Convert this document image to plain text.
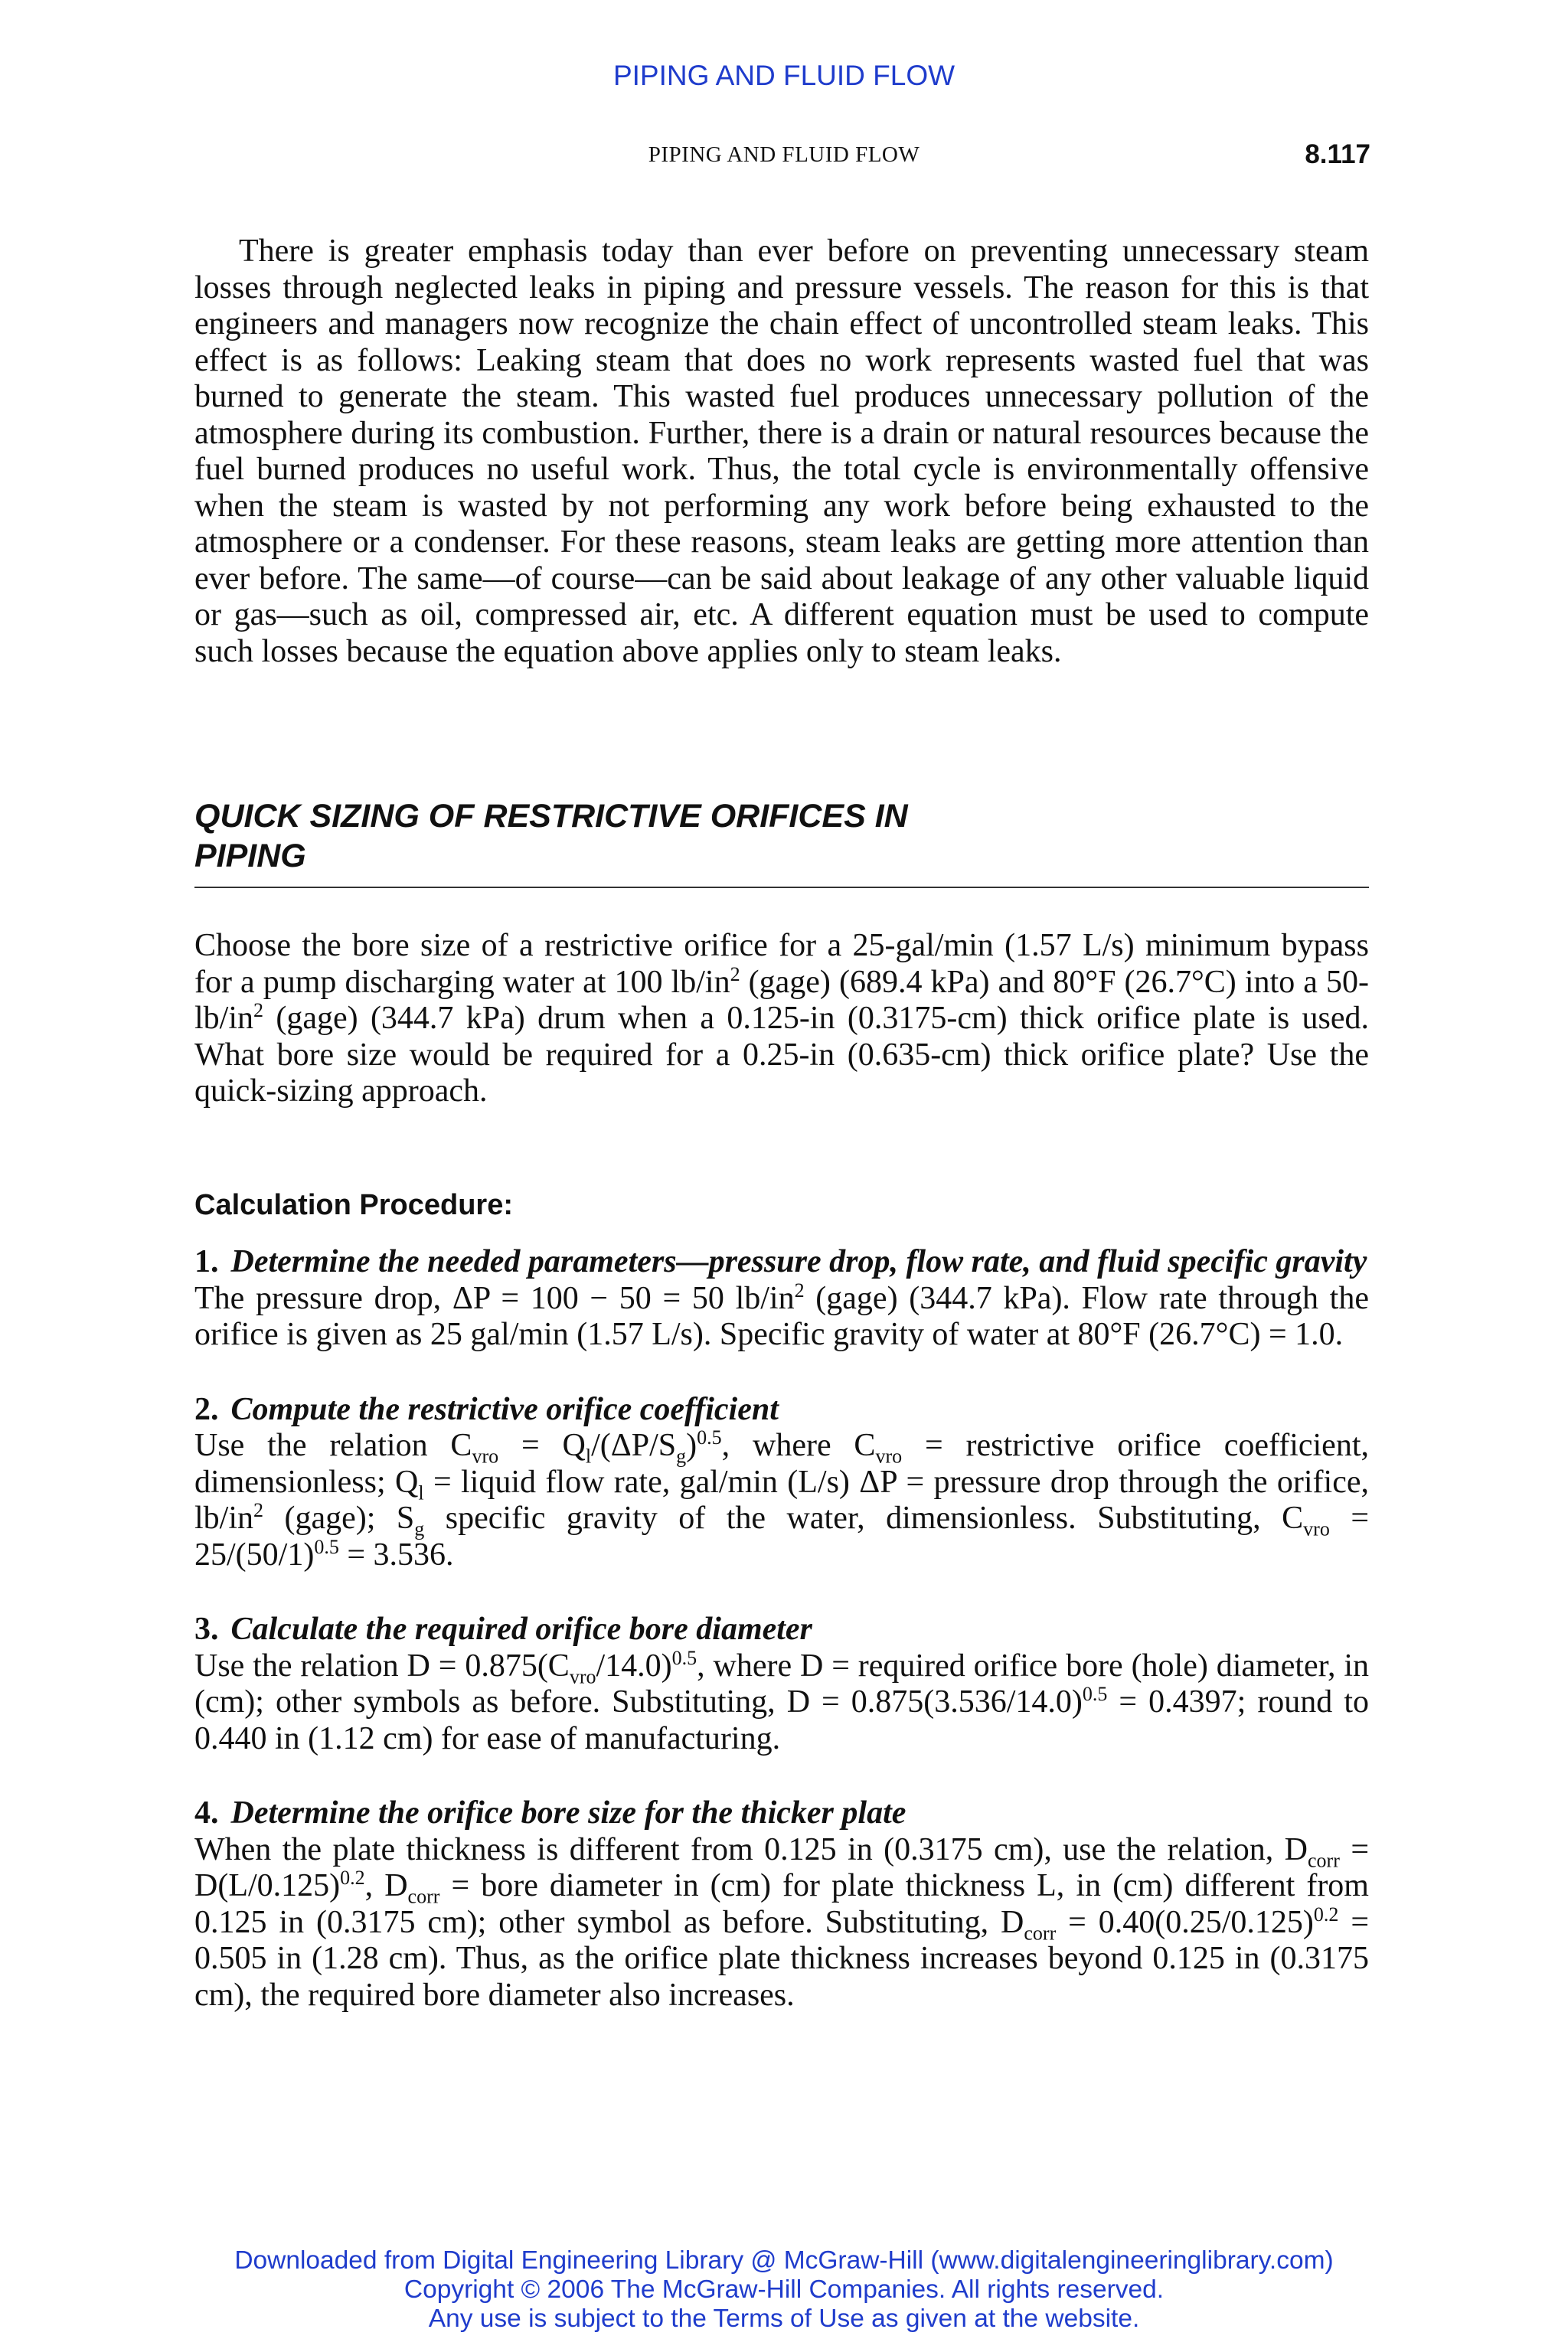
PIPING AND FLUID FLOW
PIPING AND FLUID FLOW	8.117

There is greater emphasis today than ever before on preventing unnecessary steam losses through neglected leaks in piping and pressure vessels. The reason for this is that engineers and managers now recognize the chain effect of uncontrolled steam leaks. This effect is as follows: Leaking steam that does no work represents wasted fuel that was burned to generate the steam. This wasted fuel produces unnecessary pollution of the atmosphere during its combustion. Further, there is a drain or natural resources because the fuel burned produces no useful work. Thus, the total cycle is environmentally offensive when the steam is wasted by not performing any work before being exhausted to the atmosphere or a condenser. For these reasons, steam leaks are getting more attention than ever before. The same—of course—can be said about leakage of any other valuable liquid or gas—such as oil, compressed air, etc. A different equation must be used to compute such losses because the equation above applies only to steam leaks.

QUICK SIZING OF RESTRICTIVE ORIFICES IN
PIPING

Choose the bore size of a restrictive orifice for a 25-gal/min (1.57 L/s) minimum bypass for a pump discharging water at 100 $lb/in^2$ (gage) (689.4 kPa) and 80°F (26.7°C) into a $50-lb/in^2$ (gage) (344.7 kPa) drum when a 0.125-in (0.3175-cm) thick orifice plate is used. What bore size would be required for a 0.25-in (0.635-cm) thick orifice plate? Use the quick-sizing approach.

Calculation Procedure:

1. Determine the needed parameters—pressure drop, flow rate, and fluid specific gravity

The pressure drop, ΔP = 100 − 50 = 50 $lb/in^2$ (gage) (344.7 kPa). Flow rate through the orifice is given as 25 gal/min (1.57 L/s). Specific gravity of water at 80°F (26.7°C) = 1.0.

2. Compute the restrictive orifice coefficient

Use the relation $C_{vro} = Q_l/(\Delta P/S_g)^{0.5}$, where $C_{vro}$ = restrictive orifice coefficient, dimensionless; $Q_l$ = liquid flow rate, gal/min (L/s) ΔP = pressure drop through the orifice, $lb/in^2$ (gage); $S_g$ specific gravity of the water, dimensionless. Substituting, $C_{vro} = 25/(50/1)^{0.5} = 3.536$.

3. Calculate the required orifice bore diameter

Use the relation $D = 0.875(C_{vro}/14.0)^{0.5}$, where D = required orifice bore (hole) diameter, in (cm); other symbols as before. Substituting, $D = 0.875(3.536/14.0)^{0.5} = 0.4397$; round to 0.440 in (1.12 cm) for ease of manufacturing.

4. Determine the orifice bore size for the thicker plate

When the plate thickness is different from 0.125 in (0.3175 cm), use the relation, $D_{corr} = D(L/0.125)^{0.2}$, $D_{corr}$ = bore diameter in (cm) for plate thickness L, in (cm) different from 0.125 in (0.3175 cm); other symbol as before. Substituting, $D_{corr} = 0.40(0.25/0.125)^{0.2} = 0.505$ in (1.28 cm). Thus, as the orifice plate thickness increases beyond 0.125 in (0.3175 cm), the required bore diameter also increases.

Downloaded from Digital Engineering Library @ McGraw-Hill (www.digitalengineeringlibrary.com)
Copyright © 2006 The McGraw-Hill Companies. All rights reserved.
Any use is subject to the Terms of Use as given at the website.
